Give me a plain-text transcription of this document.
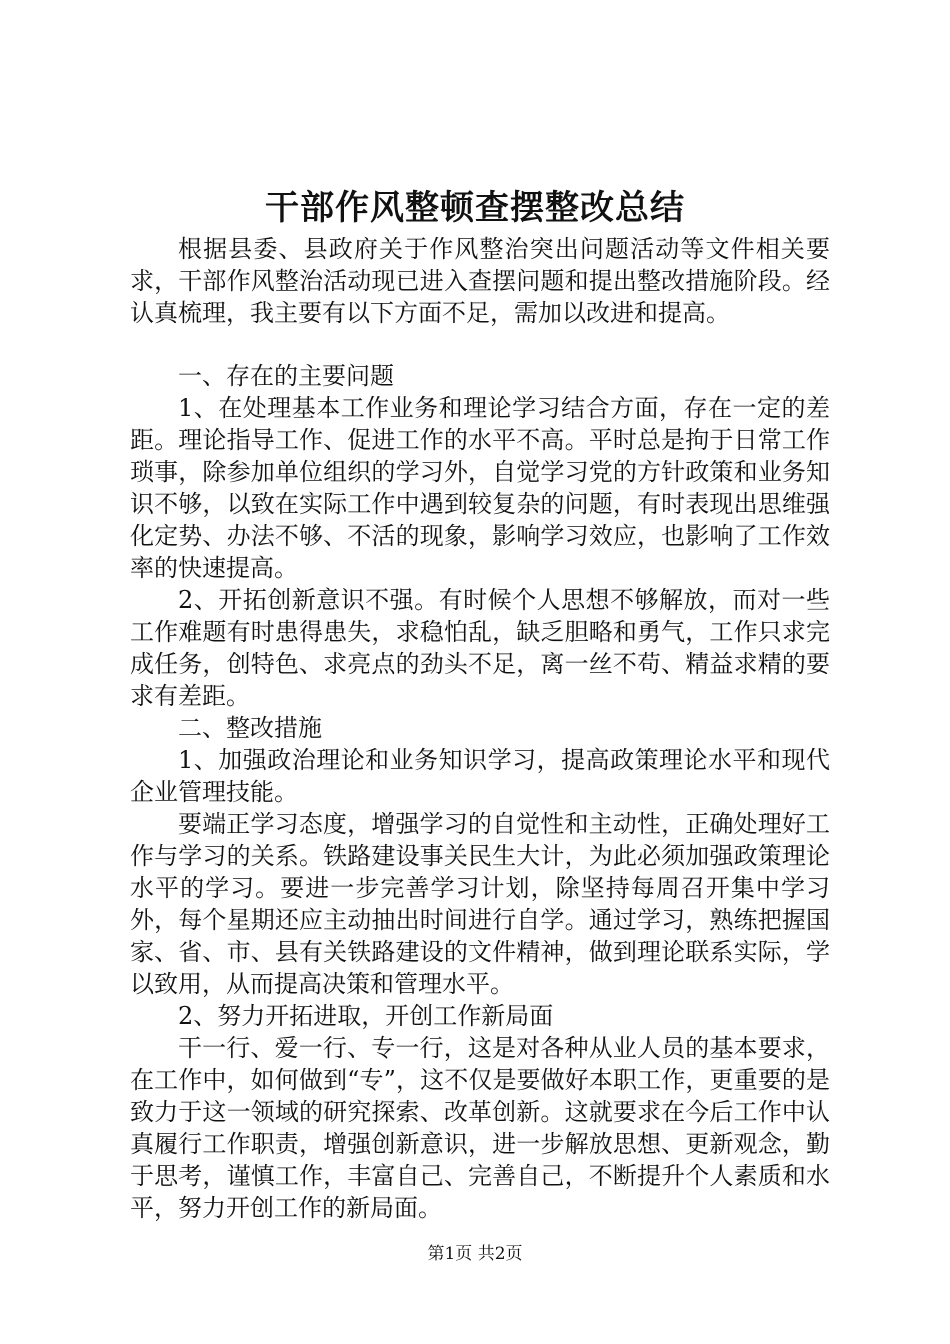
干部作风整顿查摆整改总结

根据县委、县政府关于作风整治突出问题活动等文件相关要求，干部作风整治活动现已进入查摆问题和提出整改措施阶段。经认真梳理，我主要有以下方面不足，需加以改进和提高。

一、存在的主要问题

1、在处理基本工作业务和理论学习结合方面，存在一定的差距。理论指导工作、促进工作的水平不高。平时总是拘于日常工作琐事，除参加单位组织的学习外，自觉学习党的方针政策和业务知识不够，以致在实际工作中遇到较复杂的问题，有时表现出思维强化定势、办法不够、不活的现象，影响学习效应，也影响了工作效率的快速提高。

2、开拓创新意识不强。有时候个人思想不够解放，而对一些工作难题有时患得患失，求稳怕乱，缺乏胆略和勇气，工作只求完成任务，创特色、求亮点的劲头不足，离一丝不苟、精益求精的要求有差距。

二、整改措施

1、加强政治理论和业务知识学习，提高政策理论水平和现代企业管理技能。

要端正学习态度，增强学习的自觉性和主动性，正确处理好工作与学习的关系。铁路建设事关民生大计，为此必须加强政策理论水平的学习。要进一步完善学习计划，除坚持每周召开集中学习外，每个星期还应主动抽出时间进行自学。通过学习，熟练把握国家、省、市、县有关铁路建设的文件精神，做到理论联系实际，学以致用，从而提高决策和管理水平。

2、努力开拓进取，开创工作新局面

干一行、爱一行、专一行，这是对各种从业人员的基本要求，在工作中，如何做到“专”，这不仅是要做好本职工作，更重要的是致力于这一领域的研究探索、改革创新。这就要求在今后工作中认真履行工作职责，增强创新意识，进一步解放思想、更新观念，勤于思考，谨慎工作，丰富自己、完善自己，不断提升个人素质和水平，努力开创工作的新局面。

第1页 共2页
